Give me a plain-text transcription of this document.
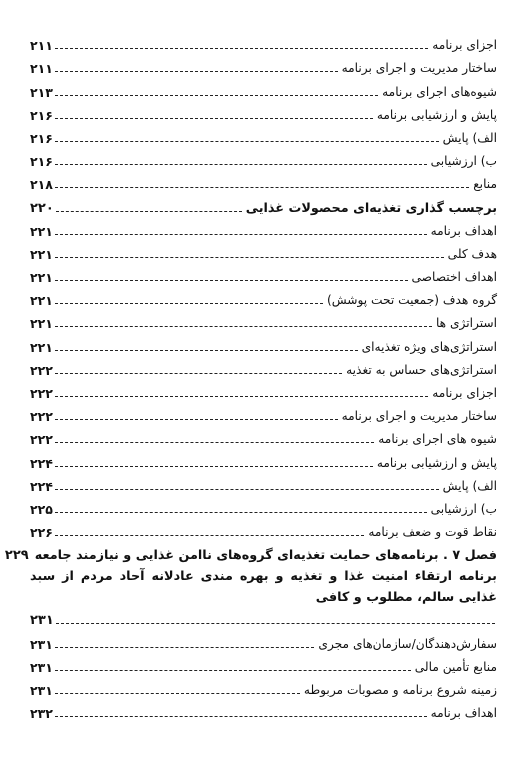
اجزای برنامه
۲۱۱
ساختار مدیریت و اجرای برنامه
۲۱۱
شیوه‌های اجرای برنامه
۲۱۳
پایش و ارزشیابی برنامه
۲۱۶
الف) پایش
۲۱۶
ب) ارزشیابی
۲۱۶
منابع
۲۱۸
برچسب گذاری تغذیه‌ای محصولات غذایی
۲۲۰
اهداف برنامه
۲۲۱
هدف کلی
۲۲۱
اهداف اختصاصی
۲۲۱
گروه هدف (جمعیت تحت پوشش)
۲۲۱
استراتژی ها
۲۲۱
استراتژی‌های ویژه تغذیه‌ای
۲۲۱
استراتژی‌های حساس به تغذیه
۲۲۲
اجزای برنامه
۲۲۲
ساختار مدیریت و اجرای برنامه
۲۲۲
شیوه های اجرای برنامه
۲۲۲
پایش و ارزشیابی برنامه
۲۲۴
الف) پایش
۲۲۴
ب) ارزشیابی
۲۲۵
نقاط قوت و ضعف برنامه
۲۲۶
فصل ۷ . برنامه‌های حمایت تغذیه‌ای گروه‌های ناامن غذایی و نیازمند جامعه
۲۲۹
برنامه ارتقاء امنیت غذا و تغذیه و بهره مندی عادلانه آحاد مردم از سبد غذایی سالم، مطلوب و کافی
۲۳۱
سفارش‌دهندگان/سازمان‌های مجری
۲۳۱
منابع تأمین مالی
۲۳۱
زمینه شروع برنامه و مصوبات مربوطه
۲۳۱
اهداف برنامه
۲۳۲
